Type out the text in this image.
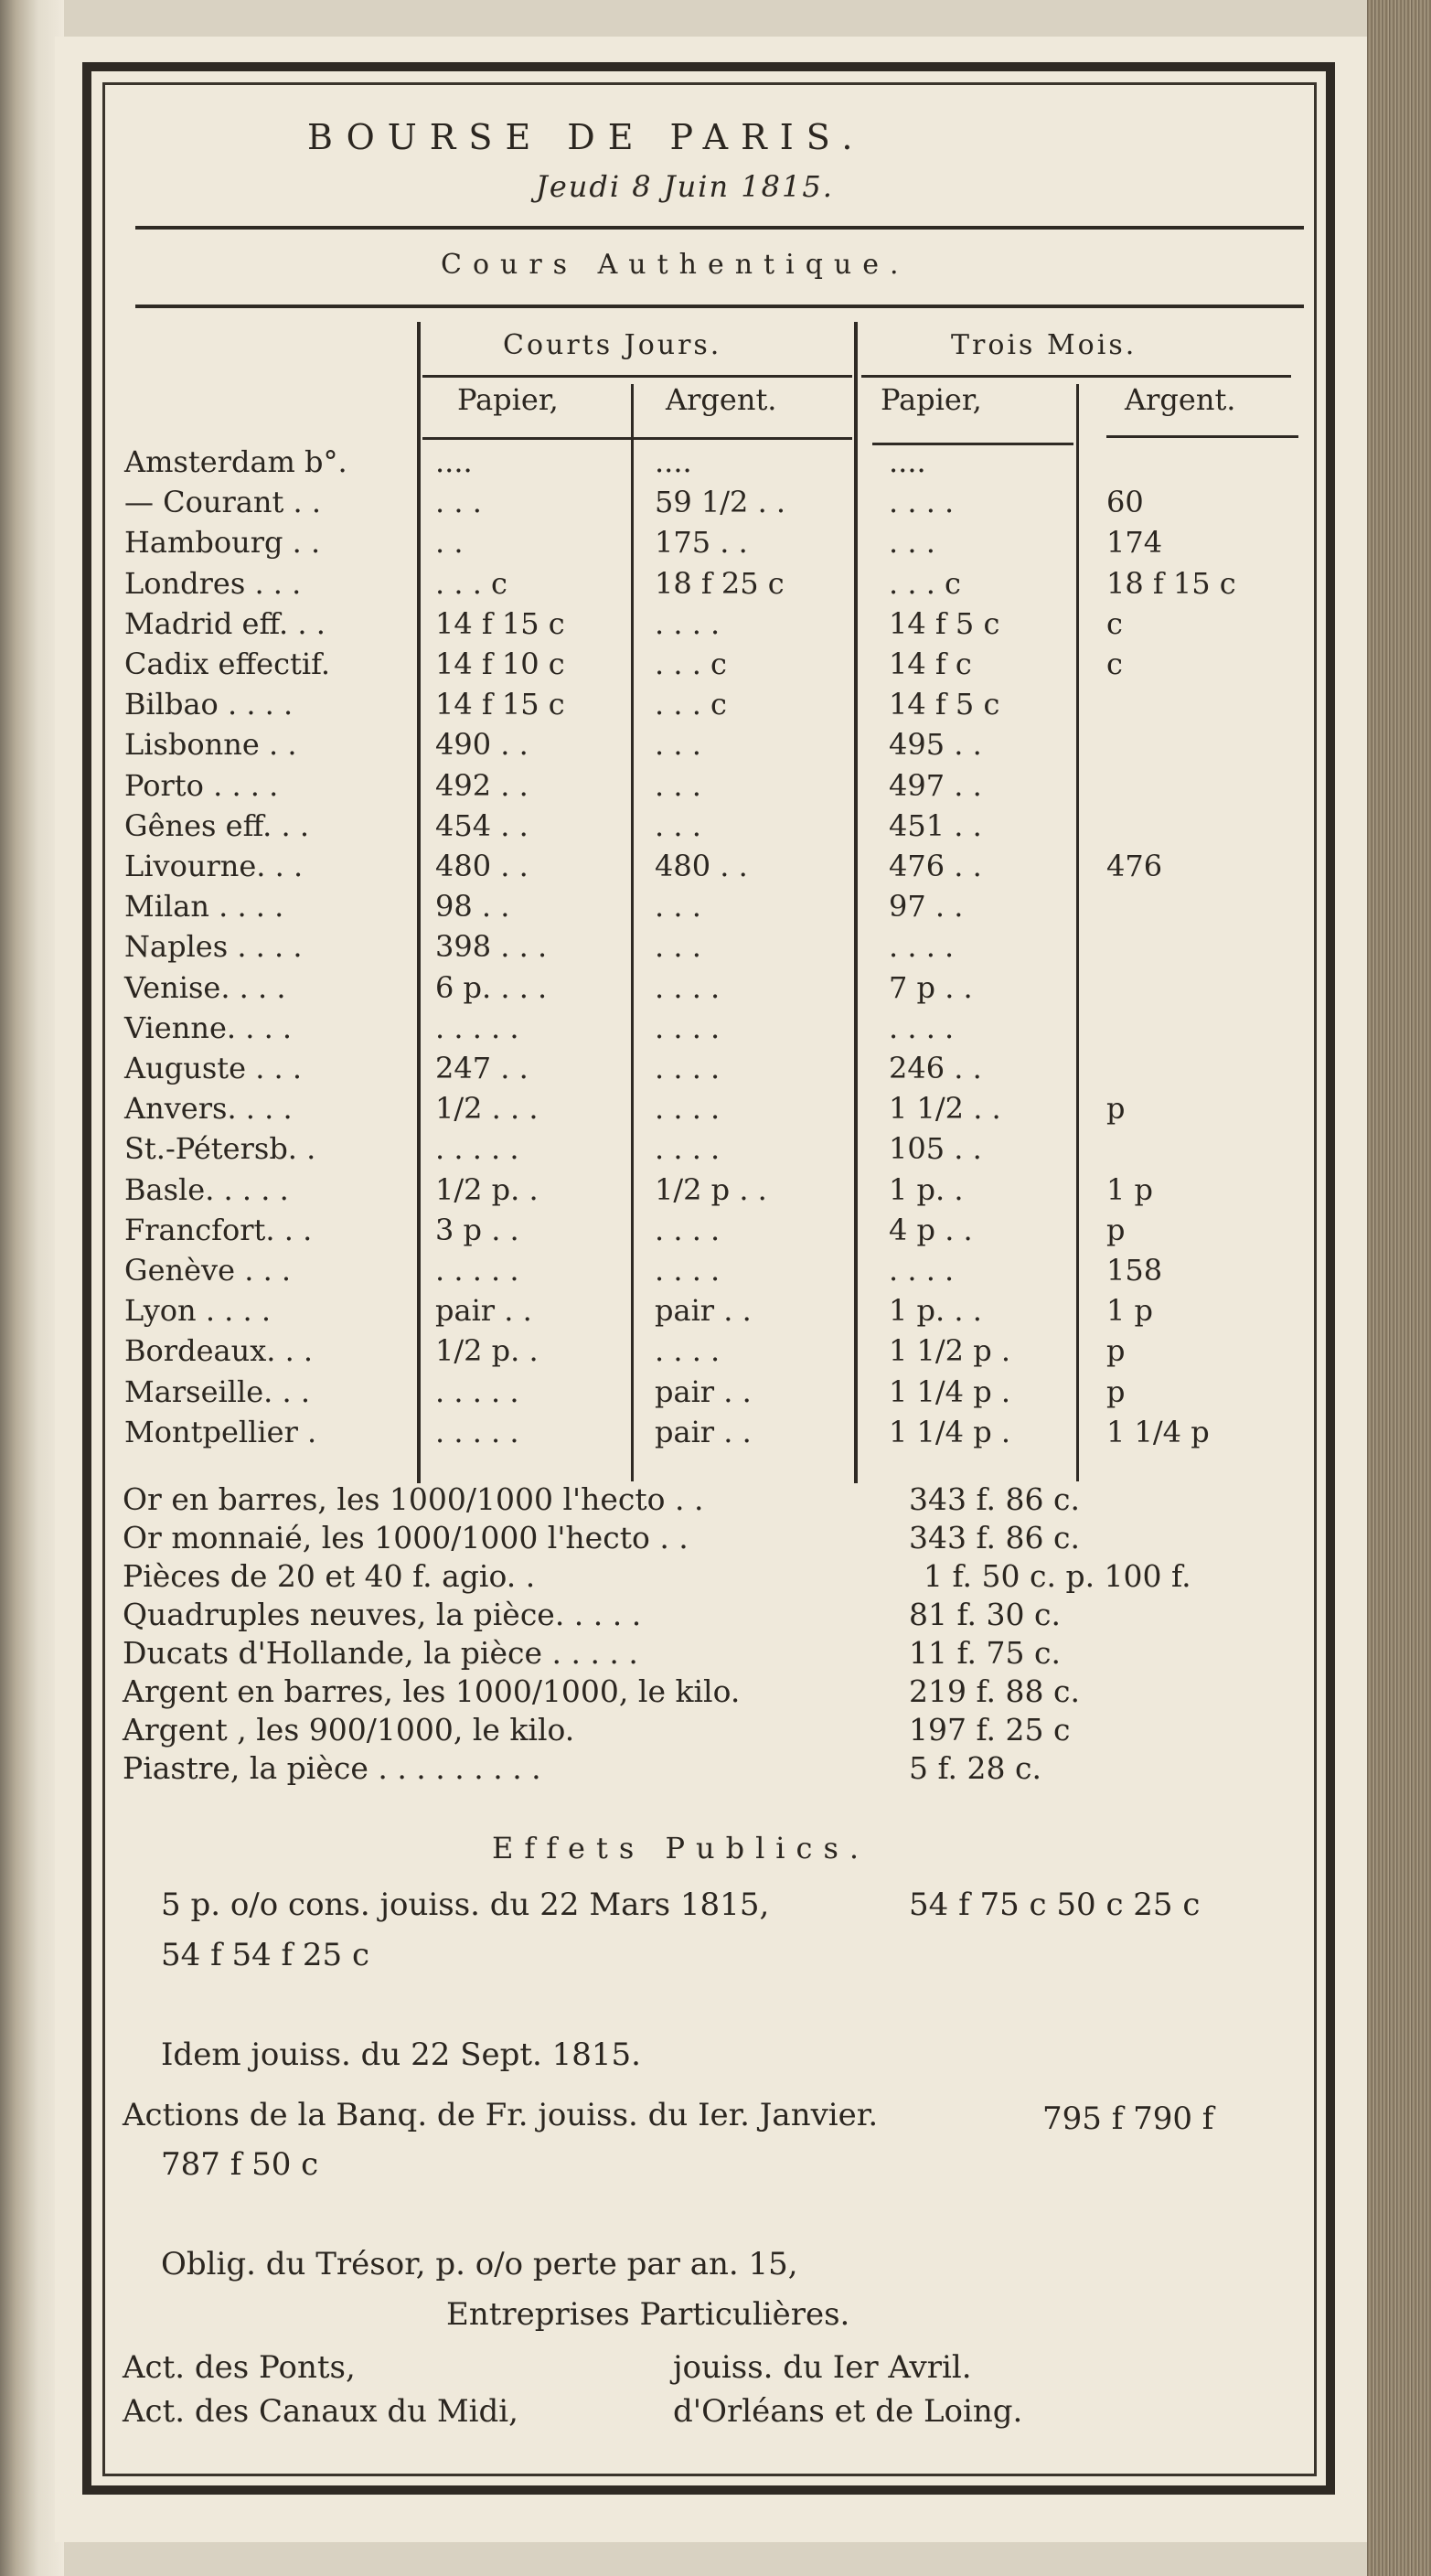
BOURSE DE PARIS.
Jeudi 8 Juin 1815.
Cours Authentique.
Courts Jours.	Trois Mois.
Papier,	Argent.	Papier,	Argent.
Amsterdam b°.	....	....	....
— Courant . .	. . .	59 1/2 . .	. . . .	60
Hambourg . .	. .	175 . .	. . .	174
Londres . . .	. . . c	18 f 25 c	. . . c	18 f 15 c
Madrid eff. . .	14 f 15 c	. . . .	14 f 5 c	c
Cadix effectif.	14 f 10 c	. . . c	14 f c	c
Bilbao . . . .	14 f 15 c	. . . c	14 f 5 c
Lisbonne . .	490 . .	. . .	495 . .
Porto . . . .	492 . .	. . .	497 . .
Gênes eff. . .	454 . .	. . .	451 . .
Livourne. . .	480 . .	480 . .	476 . .	476
Milan . . . .	98 . .	. . .	97 . .
Naples . . . .	398 . . .	. . .	. . . .
Venise. . . .	6 p. . . .	. . . .	7 p . .
Vienne. . . .	. . . . .	. . . .	. . . .
Auguste . . .	247 . .	. . . .	246 . .
Anvers. . . .	1/2 . . .	. . . .	1 1/2 . .	p
St.-Pétersb. .	. . . . .	. . . .	105 . .
Basle. . . . .	1/2 p. .	1/2 p . .	1 p. .	1 p
Francfort. . .	3 p . .	. . . .	4 p . .	p
Genève . . .	. . . . .	. . . .	. . . .	158
Lyon . . . .	pair . .	pair . .	1 p. . .	1 p
Bordeaux. . .	1/2 p. .	. . . .	1 1/2 p .	p
Marseille. . .	. . . . .	pair . .	1 1/4 p .	p
Montpellier .	. . . . .	pair . .	1 1/4 p .	1 1/4 p
Or en barres, les 1000/1000 l'hecto . .	343 f. 86 c.
Or monnaié, les 1000/1000 l'hecto . .	343 f. 86 c.
Pièces de 20 et 40 f. agio. .	1 f. 50 c. p. 100 f.
Quadruples neuves, la pièce. . . . .	81 f. 30 c.
Ducats d'Hollande, la pièce . . . . .	11 f. 75 c.
Argent en barres, les 1000/1000, le kilo.	219 f. 88 c.
Argent , les 900/1000, le kilo.	197 f. 25 c
Piastre, la pièce . . . . . . . . .	5 f. 28 c.
Effets Publics.
5 p. o/o cons. jouiss. du 22 Mars 1815,	54 f 75 c 50 c 25 c
54 f 54 f 25 c
Idem jouiss. du 22 Sept. 1815.
Actions de la Banq. de Fr. jouiss. du Ier. Janvier.	795 f 790 f
787 f 50 c
Oblig. du Trésor, p. o/o perte par an. 15,
Entreprises Particulières.
Act. des Ponts,	jouiss. du Ier Avril.
Act. des Canaux du Midi,	d'Orléans et de Loing.
